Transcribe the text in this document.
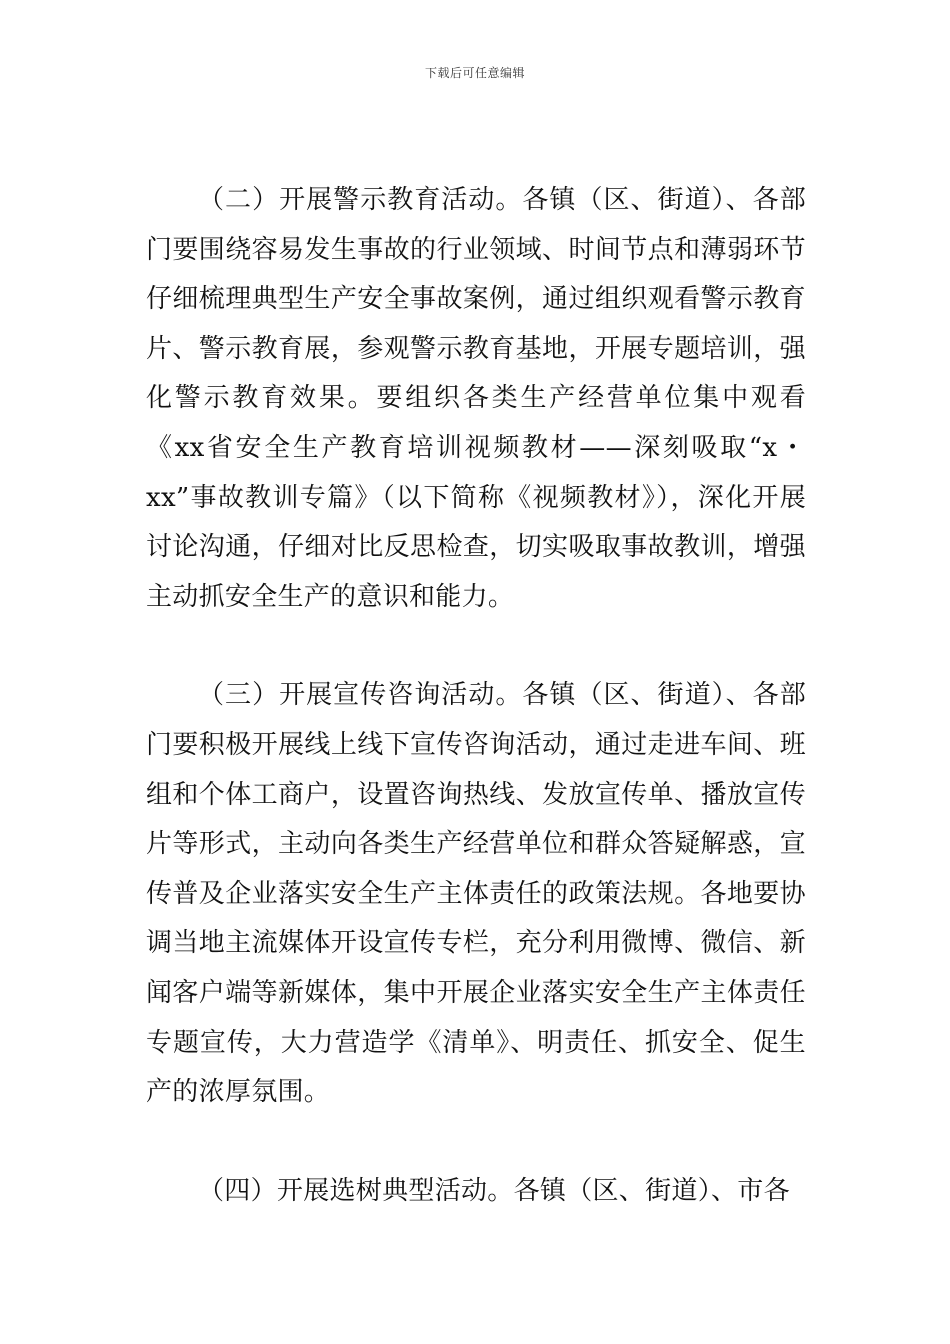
下载后可任意编辑

（二）开展警示教育活动。各镇（区、街道）、各部门要围绕容易发生事故的行业领域、时间节点和薄弱环节仔细梳理典型生产安全事故案例，通过组织观看警示教育片、警示教育展，参观警示教育基地，开展专题培训，强化警示教育效果。要组织各类生产经营单位集中观看《xx省安全生产教育培训视频教材——深刻吸取“x・xx”事故教训专篇》（以下简称《视频教材》），深化开展讨论沟通，仔细对比反思检查，切实吸取事故教训，增强主动抓安全生产的意识和能力。

（三）开展宣传咨询活动。各镇（区、街道）、各部门要积极开展线上线下宣传咨询活动，通过走进车间、班组和个体工商户，设置咨询热线、发放宣传单、播放宣传片等形式，主动向各类生产经营单位和群众答疑解惑，宣传普及企业落实安全生产主体责任的政策法规。各地要协调当地主流媒体开设宣传专栏，充分利用微博、微信、新闻客户端等新媒体，集中开展企业落实安全生产主体责任专题宣传，大力营造学《清单》、明责任、抓安全、促生产的浓厚氛围。

（四）开展选树典型活动。各镇（区、街道）、市各
